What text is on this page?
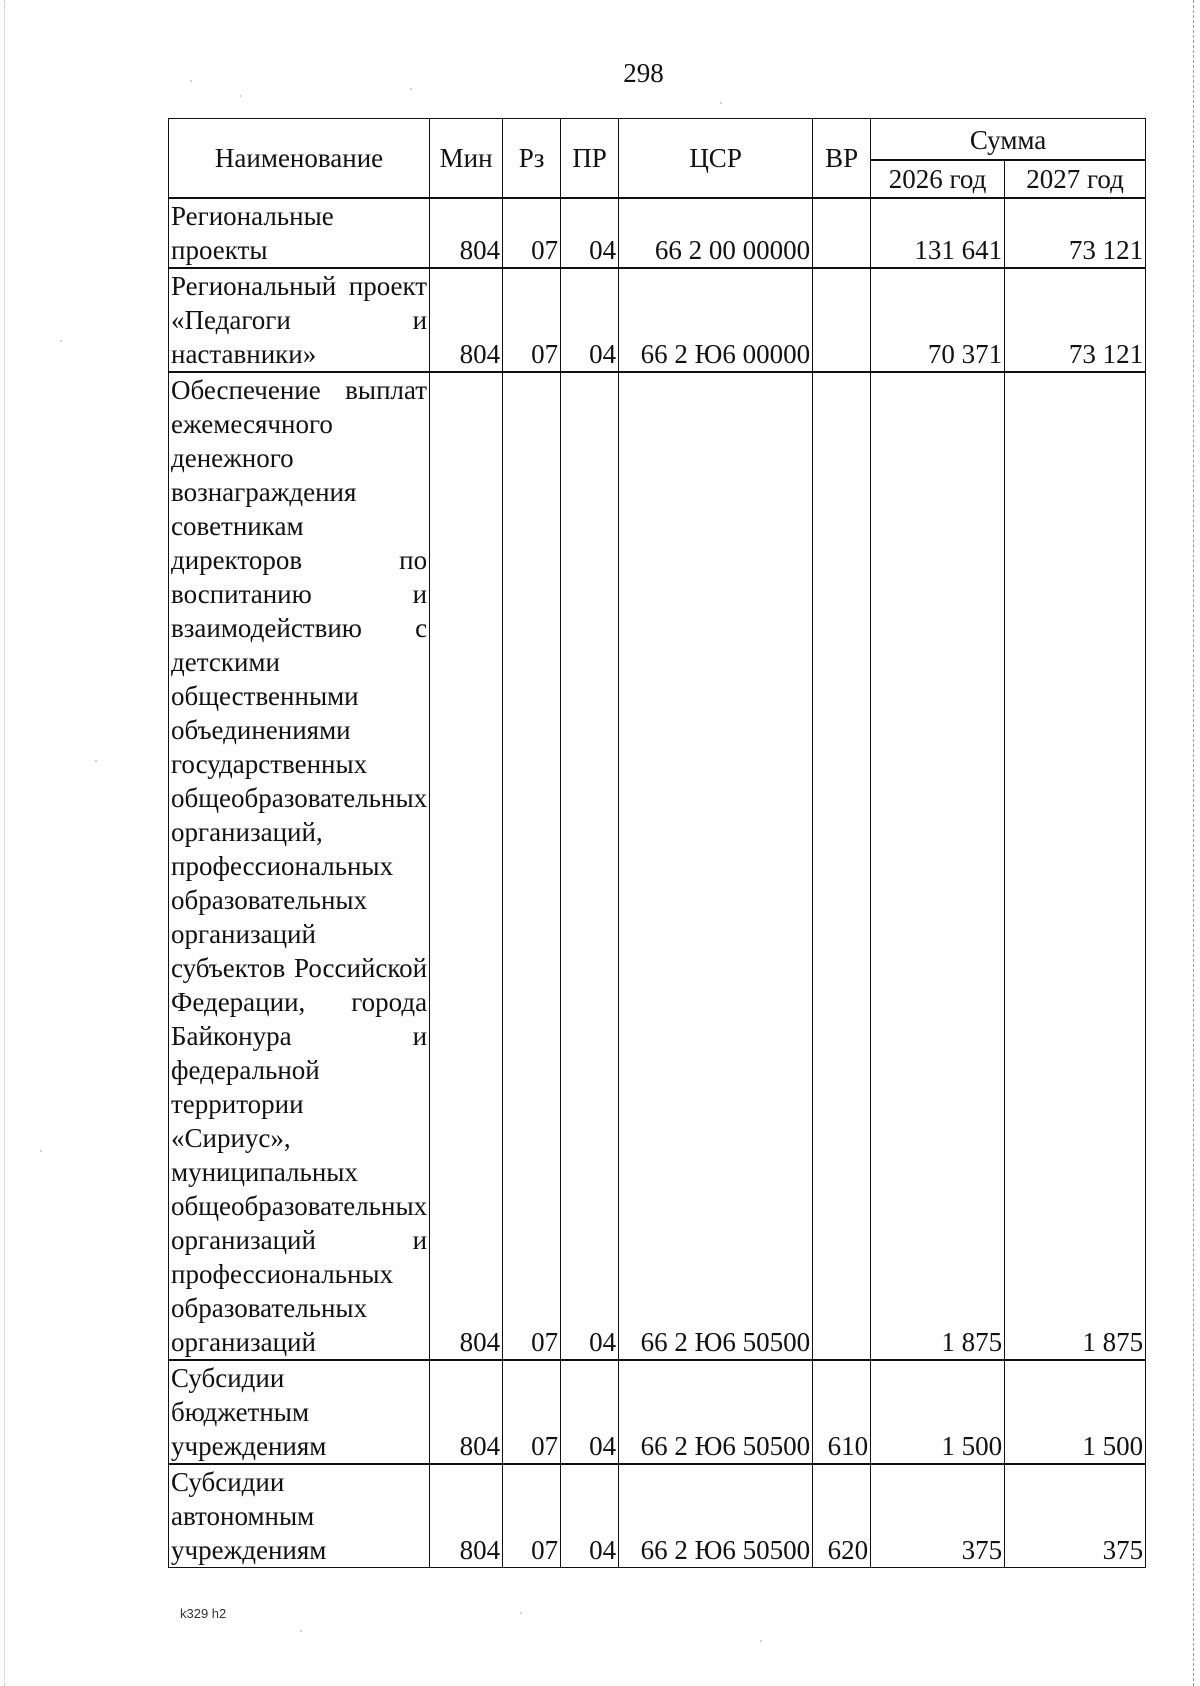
298
Наименование	Мин	Рз	ПР	ЦСР	ВР	Сумма	
						2026 год	2027 год
Региональные проекты	804	07	04	66 2 00 00000		131 641	73 121
Региональный проект «Педагоги и наставники»	804	07	04	66 2 Ю6 00000		70 371	73 121
Обеспечение выплат ежемесячного денежного вознаграждения советникам директоров по воспитанию и взаимодействию с детскими общественными объединениями государственных общеобразовательных организаций, профессиональных образовательных организаций субъектов Российской Федерации, города Байконура и федеральной территории «Сириус», муниципальных общеобразовательных организаций и профессиональных образовательных организаций	804	07	04	66 2 Ю6 50500		1 875	1 875
Субсидии бюджетным учреждениям	804	07	04	66 2 Ю6 50500	610	1 500	1 500
Субсидии автономным учреждениям	804	07	04	66 2 Ю6 50500	620	375	375
k329 h2
